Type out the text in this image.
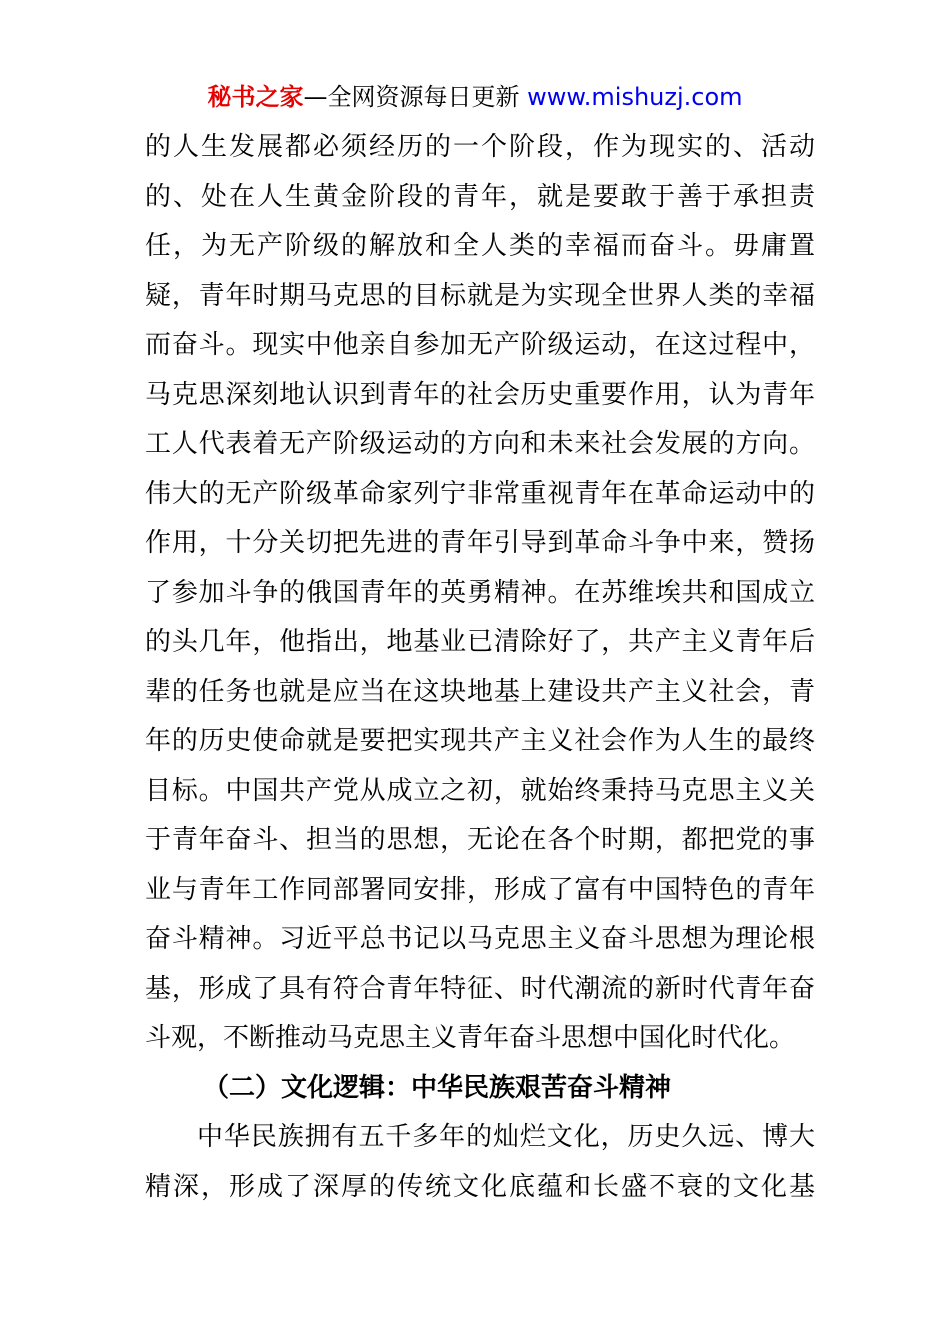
秘书之家—全网资源每日更新 www.mishuzj.com
的人生发展都必须经历的一个阶段，作为现实的、活动
的、处在人生黄金阶段的青年，就是要敢于善于承担责
任，为无产阶级的解放和全人类的幸福而奋斗。毋庸置
疑，青年时期马克思的目标就是为实现全世界人类的幸福
而奋斗。现实中他亲自参加无产阶级运动，在这过程中，
马克思深刻地认识到青年的社会历史重要作用，认为青年
工人代表着无产阶级运动的方向和未来社会发展的方向。
伟大的无产阶级革命家列宁非常重视青年在革命运动中的
作用，十分关切把先进的青年引导到革命斗争中来，赞扬
了参加斗争的俄国青年的英勇精神。在苏维埃共和国成立
的头几年，他指出，地基业已清除好了，共产主义青年后
辈的任务也就是应当在这块地基上建设共产主义社会，青
年的历史使命就是要把实现共产主义社会作为人生的最终
目标。中国共产党从成立之初，就始终秉持马克思主义关
于青年奋斗、担当的思想，无论在各个时期，都把党的事
业与青年工作同部署同安排，形成了富有中国特色的青年
奋斗精神。习近平总书记以马克思主义奋斗思想为理论根
基，形成了具有符合青年特征、时代潮流的新时代青年奋
斗观，不断推动马克思主义青年奋斗思想中国化时代化。
（二）文化逻辑：中华民族艰苦奋斗精神
中华民族拥有五千多年的灿烂文化，历史久远、博大
精深，形成了深厚的传统文化底蕴和长盛不衰的文化基
